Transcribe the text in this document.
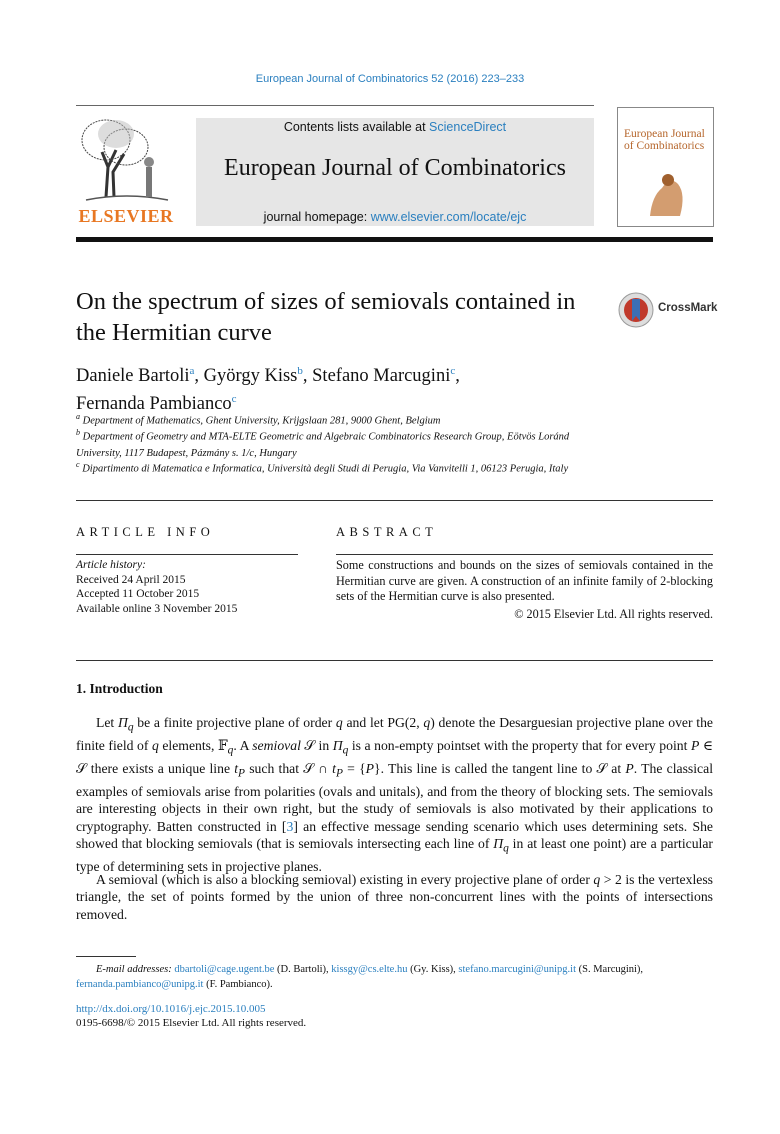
European Journal of Combinatorics 52 (2016) 223–233
ELSEVIER
Contents lists available at ScienceDirect
European Journal of Combinatorics
journal homepage: www.elsevier.com/locate/ejc
European Journal of Combinatorics
On the spectrum of sizes of semiovals contained in the Hermitian curve
CrossMark
Daniele Bartoli$^a$, György Kiss$^b$, Stefano Marcugini$^c$,
Fernanda Pambianco$^c$
$^a$ Department of Mathematics, Ghent University, Krijgslaan 281, 9000 Ghent, Belgium
$^b$ Department of Geometry and MTA-ELTE Geometric and Algebraic Combinatorics Research Group, Eötvös Loránd University, 1117 Budapest, Pázmány s. 1/c, Hungary
$^c$ Dipartimento di Matematica e Informatica, Università degli Studi di Perugia, Via Vanvitelli 1, 06123 Perugia, Italy
ARTICLE INFO	ABSTRACT
Article history:
Received 24 April 2015
Accepted 11 October 2015
Available online 3 November 2015
Some constructions and bounds on the sizes of semiovals contained in the Hermitian curve are given. A construction of an infinite family of 2-blocking sets of the Hermitian curve is also presented.
© 2015 Elsevier Ltd. All rights reserved.
1. Introduction
Let $\Pi_q$ be a finite projective plane of order q and let PG(2, q) denote the Desarguesian projective plane over the finite field of q elements, 𝔽$_q$. A semioval 𝒮 in $\Pi_q$ is a non-empty pointset with the property that for every point P ∈ 𝒮 there exists a unique line $t_P$ such that 𝒮 ∩ $t_P = \{P\}$. This line is called the tangent line to 𝒮 at P. The classical examples of semiovals arise from polarities (ovals and unitals), and from the theory of blocking sets. The semiovals are interesting objects in their own right, but the study of semiovals is also motivated by their applications to cryptography. Batten constructed in [3] an effective message sending scenario which uses determining sets. She showed that blocking semiovals (that is semiovals intersecting each line of $\Pi_q$ in at least one point) are a particular type of determining sets in projective planes.
A semioval (which is also a blocking semioval) existing in every projective plane of order q > 2 is the vertexless triangle, the set of points formed by the union of three non-concurrent lines with the points of intersections removed.
E-mail addresses: dbartoli@cage.ugent.be (D. Bartoli), kissgy@cs.elte.hu (Gy. Kiss), stefano.marcugini@unipg.it (S. Marcugini), fernanda.pambianco@unipg.it (F. Pambianco).
http://dx.doi.org/10.1016/j.ejc.2015.10.005
0195-6698/© 2015 Elsevier Ltd. All rights reserved.
